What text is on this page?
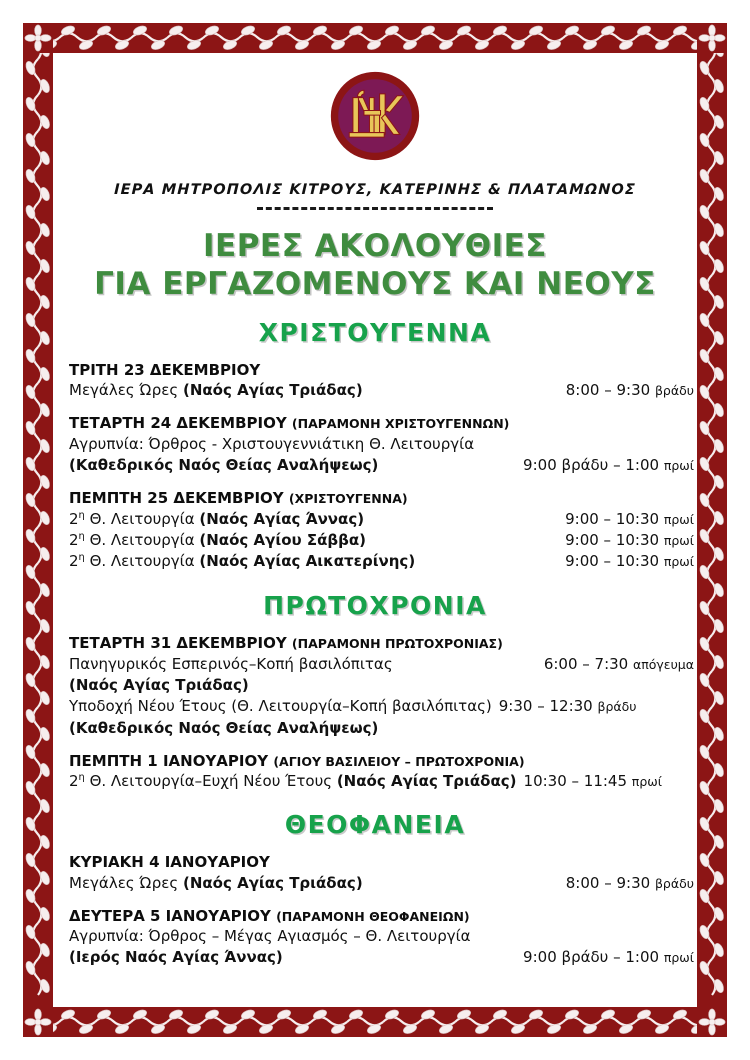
ΙΕΡΑ ΜΗΤΡΟΠΟΛΙΣ ΚΙΤΡΟΥΣ, ΚΑΤΕΡΙΝΗΣ & ΠΛΑΤΑΜΩΝΟΣ
ΙΕΡΕΣ ΑΚΟΛΟΥΘΙΕΣ
ΓΙΑ ΕΡΓΑΖΟΜΕΝΟΥΣ ΚΑΙ ΝΕΟΥΣ
ΧΡΙΣΤΟΥΓΕΝΝΑ
ΤΡΙΤΗ 23 ΔΕΚΕΜΒΡΙΟΥ
Μεγάλες Ώρες (Ναός Αγίας Τριάδας)	8:00 – 9:30 βράδυ
ΤΕΤΑΡΤΗ 24 ΔΕΚΕΜΒΡΙΟΥ (ΠΑΡΑΜΟΝΗ ΧΡΙΣΤΟΥΓΕΝΝΩΝ)
Αγρυπνία: Όρθρος - Χριστουγεννιάτικη Θ. Λειτουργία
(Καθεδρικός Ναός Θείας Αναλήψεως)	9:00 βράδυ – 1:00 πρωί
ΠΕΜΠΤΗ 25 ΔΕΚΕΜΒΡΙΟΥ (ΧΡΙΣΤΟΥΓΕΝΝΑ)
$2^\eta$ Θ. Λειτουργία (Ναός Αγίας Άννας)	9:00 – 10:30 πρωί
$2^\eta$ Θ. Λειτουργία (Ναός Αγίου Σάββα)	9:00 – 10:30 πρωί
$2^\eta$ Θ. Λειτουργία (Ναός Αγίας Αικατερίνης)	9:00 – 10:30 πρωί
ΠΡΩΤΟΧΡΟΝΙΑ
ΤΕΤΑΡΤΗ 31 ΔΕΚΕΜΒΡΙΟΥ (ΠΑΡΑΜΟΝΗ ΠΡΩΤΟΧΡΟΝΙΑΣ)
Πανηγυρικός Εσπερινός–Κοπή βασιλόπιτας	6:00 – 7:30 απόγευμα
(Ναός Αγίας Τριάδας)
Υποδοχή Νέου Έτους (Θ. Λειτουργία–Κοπή βασιλόπιτας) 9:30 – 12:30 βράδυ
(Καθεδρικός Ναός Θείας Αναλήψεως)
ΠΕΜΠΤΗ 1 ΙΑΝΟΥΑΡΙΟΥ (ΑΓΙΟΥ ΒΑΣΙΛΕΙΟΥ – ΠΡΩΤΟΧΡΟΝΙΑ)
$2^\eta$ Θ. Λειτουργία–Ευχή Νέου Έτους (Ναός Αγίας Τριάδας) 10:30 – 11:45 πρωί
ΘΕΟΦΑΝΕΙΑ
ΚΥΡΙΑΚΗ 4 ΙΑΝΟΥΑΡΙΟΥ
Μεγάλες Ώρες (Ναός Αγίας Τριάδας)	8:00 – 9:30 βράδυ
ΔΕΥΤΕΡΑ 5 ΙΑΝΟΥΑΡΙΟΥ (ΠΑΡΑΜΟΝΗ ΘΕΟΦΑΝΕΙΩΝ)
Αγρυπνία: Όρθρος – Μέγας Αγιασμός – Θ. Λειτουργία
(Ιερός Ναός Αγίας Άννας)	9:00 βράδυ – 1:00 πρωί
